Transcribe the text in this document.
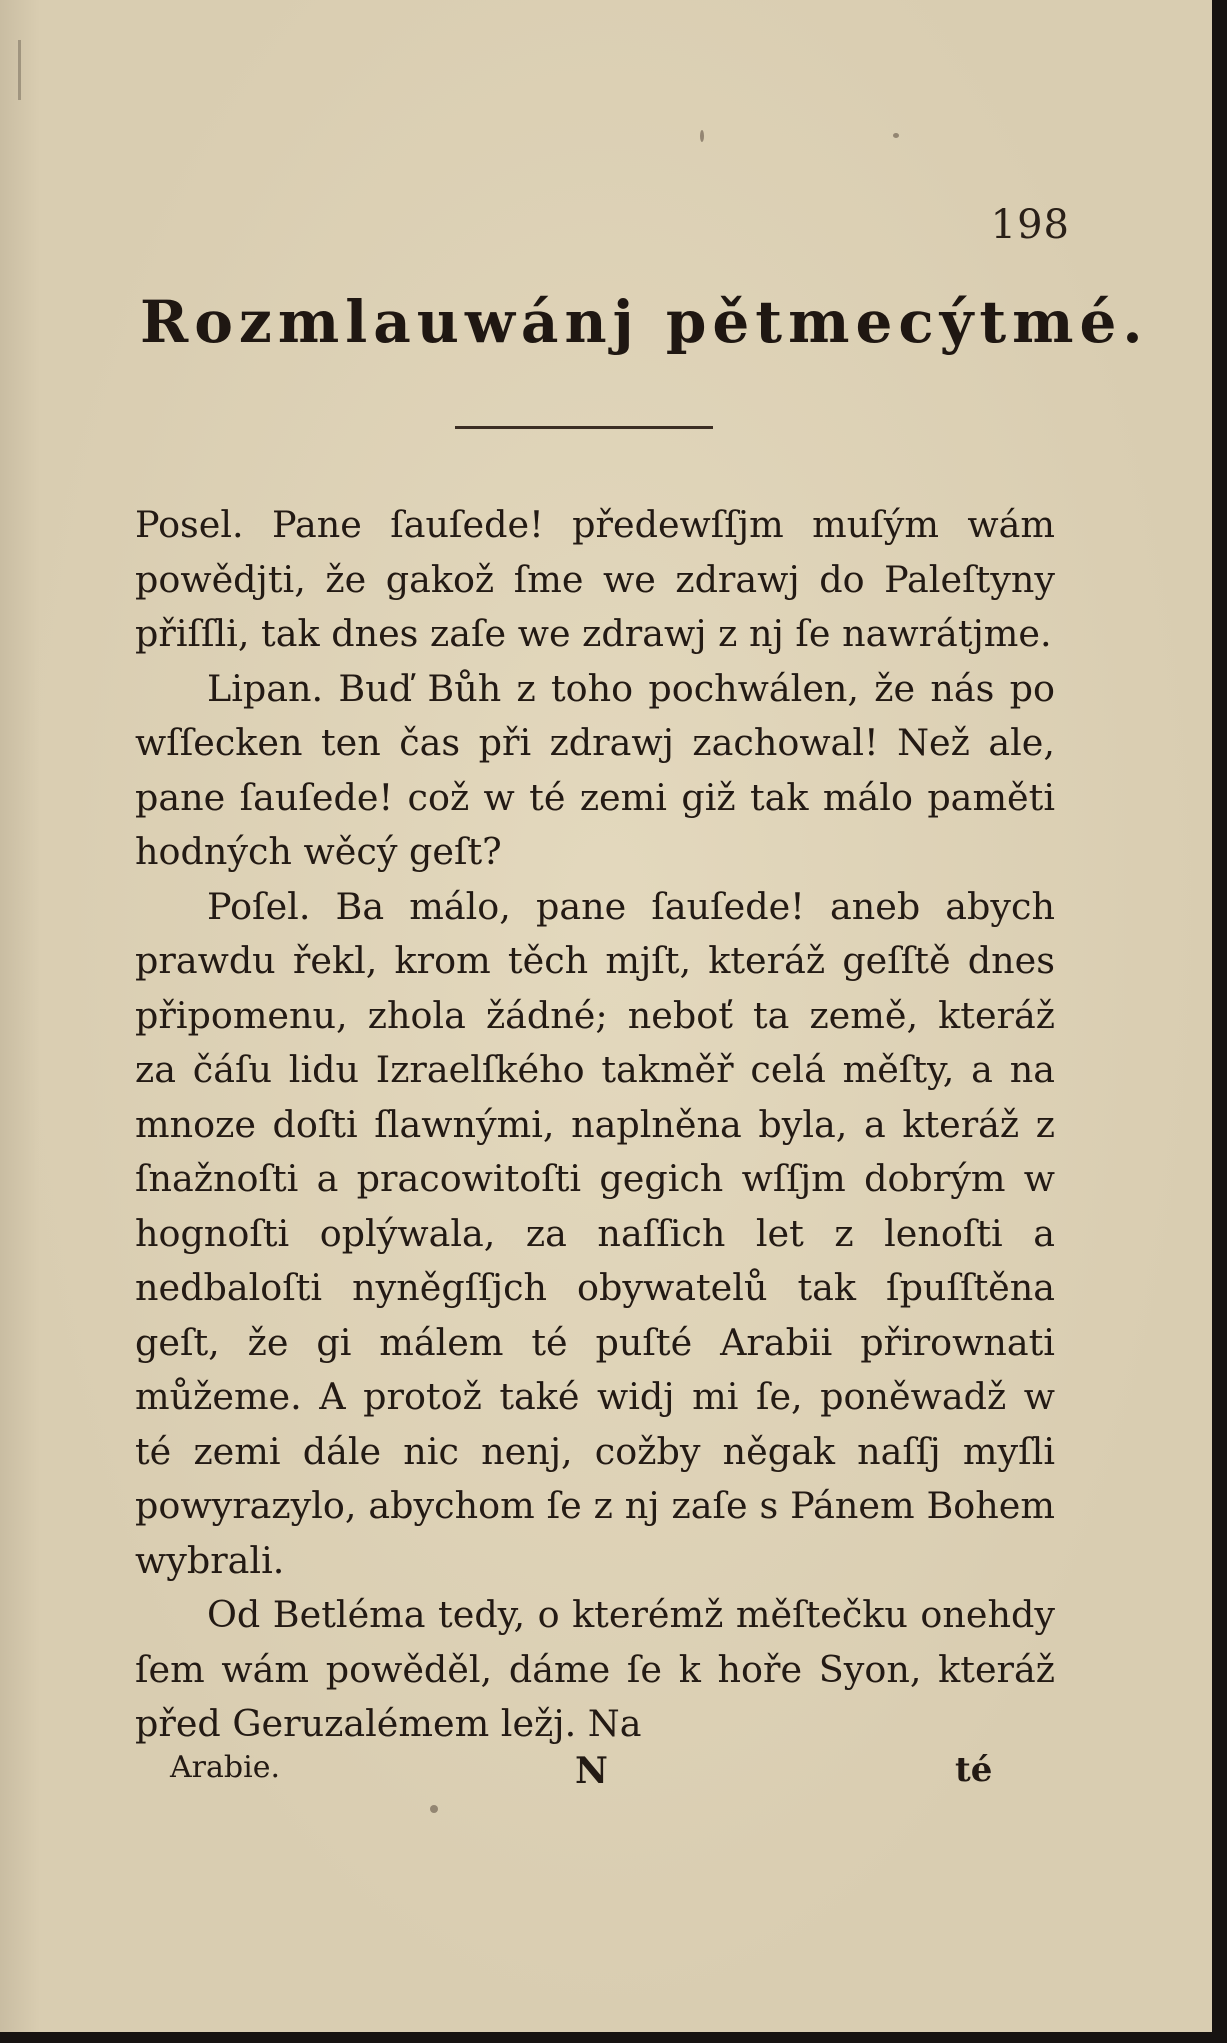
198
Rozmlauwánj pětmecýtmé.

Posel. Pane ſauſede! předewſſjm muſým wám powědjti, že gakož ſme we zdrawj do Paleſtyny přiſſli, tak dnes zaſe we zdrawj z nj ſe nawrátjme.

Lipan. Buď Bůh z toho pochwálen, že nás po wſſecken ten čas při zdrawj zachowal! Než ale, pane ſauſede! což w té zemi giž tak málo paměti hodných wěcý geſt?

Poſel. Ba málo, pane ſauſede! aneb abych prawdu řekl, krom těch mjſt, kteráž geſſtě dnes připomenu, zhola žádné; neboť ta země, kteráž za čáſu lidu Izraelſkého takměř celá měſty, a na mnoze doſti ſlawnými, naplněna byla, a kteráž z ſnažnoſti a pracowitoſti gegich wſſjm dobrým w hognoſti oplýwala, za naſſich let z lenoſti a nedbaloſti nyněgſſjch obywatelů tak ſpuſſtěna geſt, že gi málem té puſté Arabii přirownati můžeme. A protož také widj mi ſe, poněwadž w té zemi dále nic nenj, cožby něgak naſſj myſli powyrazylo, abychom ſe z nj zaſe s Pánem Bohem wybrali.

Od Betléma tedy, o kterémž měſtečku onehdy ſem wám powěděl, dáme ſe k hoře Syon, kteráž před Geruzalémem ležj. Na

Arabie.	N	té
